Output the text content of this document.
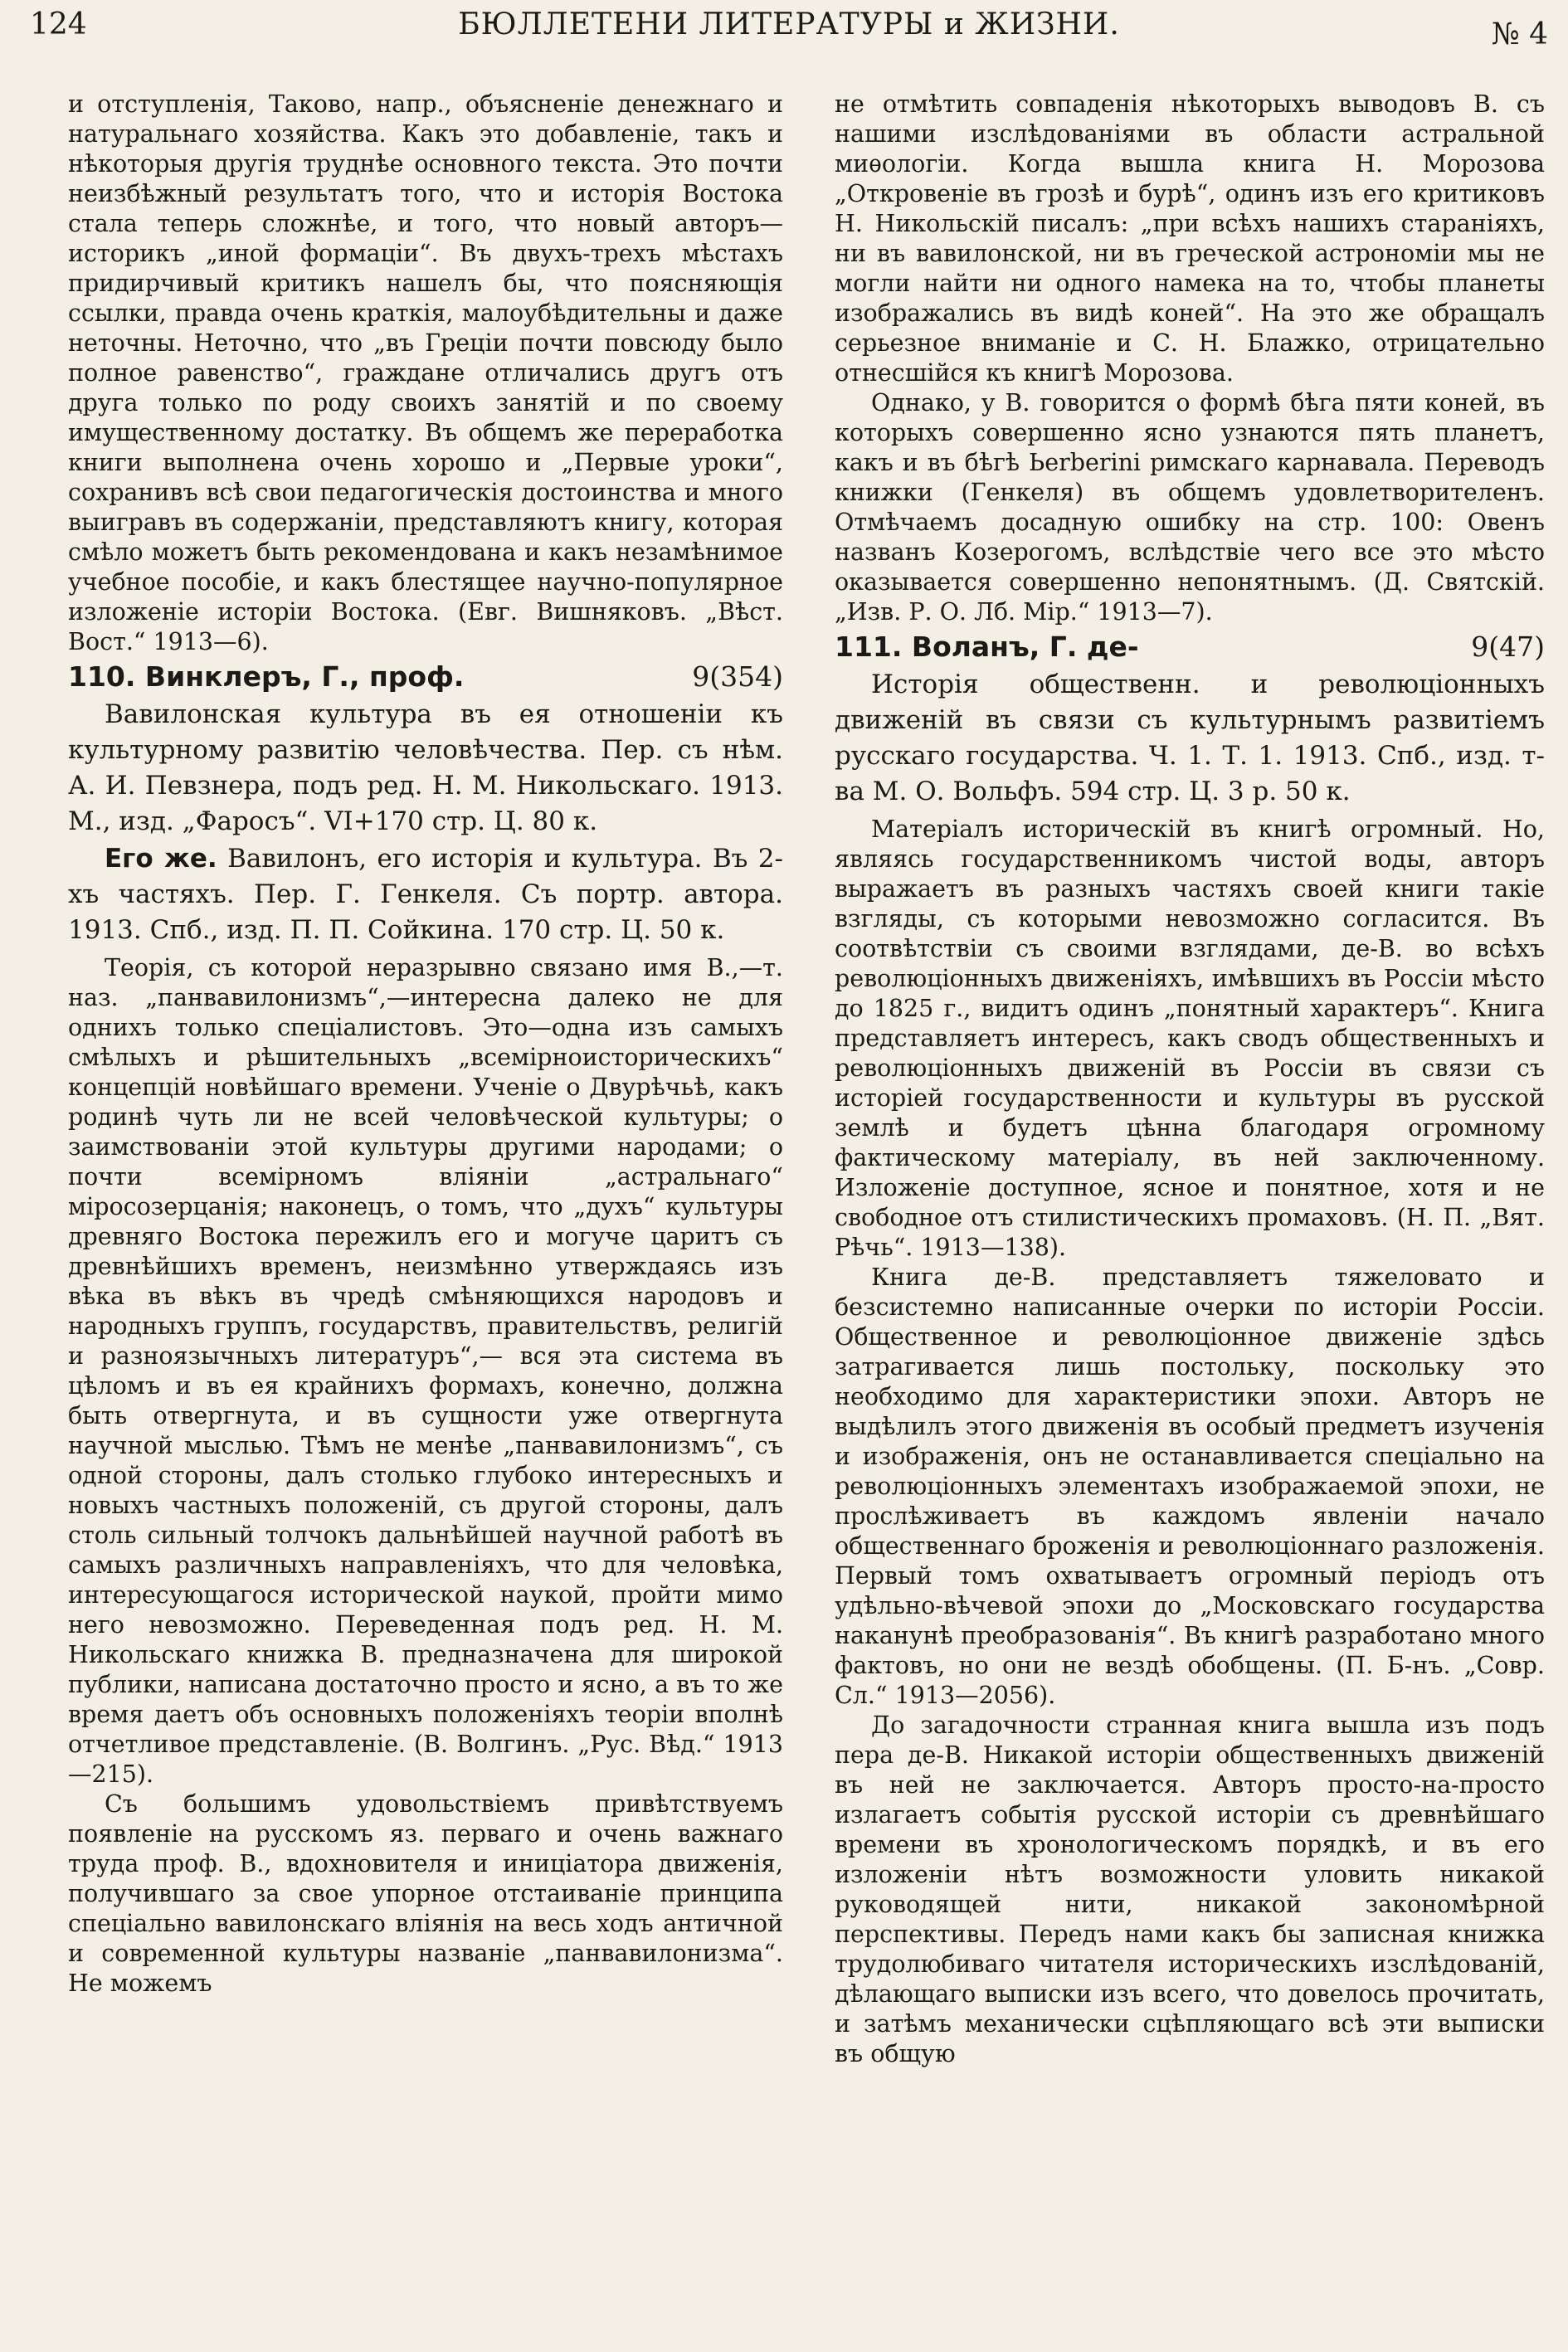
124	БЮЛЛЕТЕНИ ЛИТЕРАТУРЫ и ЖИЗНИ.	№ 4

и отступленія, Таково, напр., объясненіе денежнаго и натуральнаго хозяйства. Какъ это добавленіе, такъ и нѣкоторыя другія труднѣе основного текста. Это почти неизбѣжный результатъ того, что и исторія Востока стала теперь сложнѣе, и того, что новый авторъ—историкъ „иной формаціи“. Въ двухъ-трехъ мѣстахъ придирчивый критикъ нашелъ бы, что поясняющія ссылки, правда очень краткія, малоубѣдительны и даже неточны. Неточно, что „въ Греціи почти повсюду было полное равенство“, граждане отличались другъ отъ друга только по роду своихъ занятій и по своему имущественному достатку. Въ общемъ же переработка книги выполнена очень хорошо и „Первые уроки“, сохранивъ всѣ свои педагогическія достоинства и много выигравъ въ содержаніи, представляютъ книгу, которая смѣло можетъ быть рекомендована и какъ незамѣнимое учебное пособіе, и какъ блестящее научно-популярное изложеніе исторіи Востока. (Евг. Вишняковъ. „Вѣст. Вост.“ 1913—6).

110. Винклеръ, Г., проф.	9(354)

Вавилонская культура въ ея отношеніи къ культурному развитію человѣчества. Пер. съ нѣм. А. И. Певзнера, подъ ред. Н. М. Никольскаго. 1913. М., изд. „Фаросъ“. VI+170 стр. Ц. 80 к.

Его же. Вавилонъ, его исторія и культура. Въ 2-хъ частяхъ. Пер. Г. Генкеля. Съ портр. автора. 1913. Спб., изд. П. П. Сойкина. 170 стр. Ц. 50 к.

Теорія, съ которой неразрывно связано имя В.,—т. наз. „панвавилонизмъ“,—интересна далеко не для однихъ только спеціалистовъ. Это—одна изъ самыхъ смѣлыхъ и рѣшительныхъ „всемірноисторическихъ“ концепцій новѣйшаго времени. Ученіе о Двурѣчьѣ, какъ родинѣ чуть ли не всей человѣческой культуры; о заимствованіи этой культуры другими народами; о почти всемірномъ вліяніи „астральнаго“ міросозерцанія; наконецъ, о томъ, что „духъ“ культуры древняго Востока пережилъ его и могуче царитъ съ древнѣйшихъ временъ, неизмѣнно утверждаясь изъ вѣка въ вѣкъ въ чредѣ смѣняющихся народовъ и народныхъ группъ, государствъ, правительствъ, религій и разноязычныхъ литературъ“,— вся эта система въ цѣломъ и въ ея крайнихъ формахъ, конечно, должна быть отвергнута, и въ сущности уже отвергнута научной мыслью. Тѣмъ не менѣе „панвавилонизмъ“, съ одной стороны, далъ столько глубоко интересныхъ и новыхъ частныхъ положеній, съ другой стороны, далъ столь сильный толчокъ дальнѣйшей научной работѣ въ самыхъ различныхъ направленіяхъ, что для человѣка, интересующагося исторической наукой, пройти мимо него невозможно. Переведенная подъ ред. Н. М. Никольскаго книжка В. предназначена для широкой публики, написана достаточно просто и ясно, а въ то же время даетъ объ основныхъ положеніяхъ теоріи вполнѣ отчетливое представленіе. (В. Волгинъ. „Рус. Вѣд.“ 1913—215).

Съ большимъ удовольствіемъ привѣтствуемъ появленіе на русскомъ яз. перваго и очень важнаго труда проф. В., вдохновителя и иниціатора движенія, получившаго за свое упорное отстаиваніе принципа спеціально вавилонскаго вліянія на весь ходъ античной и современной культуры названіе „панвавилонизма“. Не можемъ

не отмѣтить совпаденія нѣкоторыхъ выводовъ В. съ нашими изслѣдованіями въ области астральной миѳологіи. Когда вышла книга Н. Морозова „Откровеніе въ грозѣ и бурѣ“, одинъ изъ его критиковъ Н. Никольскій писалъ: „при всѣхъ нашихъ стараніяхъ, ни въ вавилонской, ни въ греческой астрономіи мы не могли найти ни одного намека на то, чтобы планеты изображались въ видѣ коней“. На это же обращалъ серьезное вниманіе и С. Н. Блажко, отрицательно отнесшійся къ книгѣ Морозова.

Однако, у В. говорится о формѣ бѣга пяти коней, въ которыхъ совершенно ясно узнаются пять планетъ, какъ и въ бѣгѣ Ьerberini римскаго карнавала. Переводъ книжки (Генкеля) въ общемъ удовлетворителенъ. Отмѣчаемъ досадную ошибку на стр. 100: Овенъ названъ Козерогомъ, вслѣдствіе чего все это мѣсто оказывается совершенно непонятнымъ. (Д. Святскій. „Изв. Р. О. Лб. Мір.“ 1913—7).

111. Воланъ, Г. де-	9(47)

Исторія общественн. и революціонныхъ движеній въ связи съ культурнымъ развитіемъ русскаго государства. Ч. 1. Т. 1. 1913. Спб., изд. т-ва М. О. Вольфъ. 594 стр. Ц. 3 р. 50 к.

Матеріалъ историческій въ книгѣ огромный. Но, являясь государственникомъ чистой воды, авторъ выражаетъ въ разныхъ частяхъ своей книги такіе взгляды, съ которыми невозможно согласится. Въ соотвѣтствіи съ своими взглядами, де-В. во всѣхъ революціонныхъ движеніяхъ, имѣвшихъ въ Россіи мѣсто до 1825 г., видитъ одинъ „понятный характеръ“. Книга представляетъ интересъ, какъ сводъ общественныхъ и революціонныхъ движеній въ Россіи въ связи съ исторіей государственности и культуры въ русской землѣ и будетъ цѣнна благодаря огромному фактическому матеріалу, въ ней заключенному. Изложеніе доступное, ясное и понятное, хотя и не свободное отъ стилистическихъ промаховъ. (Н. П. „Вят. Рѣчь“. 1913—138).

Книга де-В. представляетъ тяжеловато и безсистемно написанные очерки по исторіи Россіи. Общественное и революціонное движеніе здѣсь затрагивается лишь постольку, поскольку это необходимо для характеристики эпохи. Авторъ не выдѣлилъ этого движенія въ особый предметъ изученія и изображенія, онъ не останавливается спеціально на революціонныхъ элементахъ изображаемой эпохи, не прослѣживаетъ въ каждомъ явленіи начало общественнаго броженія и революціоннаго разложенія. Первый томъ охватываетъ огромный періодъ отъ удѣльно-вѣчевой эпохи до „Московскаго государства наканунѣ преобразованія“. Въ книгѣ разработано много фактовъ, но они не вездѣ обобщены. (П. Б-нъ. „Совр. Сл.“ 1913—2056).

До загадочности странная книга вышла изъ подъ пера де-В. Никакой исторіи общественныхъ движеній въ ней не заключается. Авторъ просто-на-просто излагаетъ событія русской исторіи съ древнѣйшаго времени въ хронологическомъ порядкѣ, и въ его изложеніи нѣтъ возможности уловить никакой руководящей нити, никакой закономѣрной перспективы. Передъ нами какъ бы записная книжка трудолюбиваго читателя историческихъ изслѣдованій, дѣлающаго выписки изъ всего, что довелось прочитать, и затѣмъ механически сцѣпляющаго всѣ эти выписки въ общую
